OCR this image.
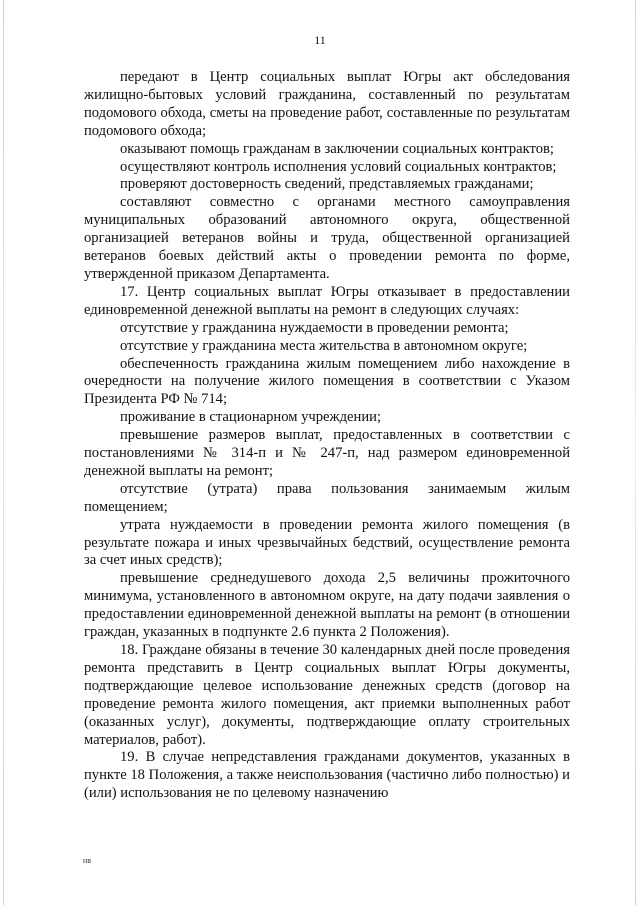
11

передают в Центр социальных выплат Югры акт обследования жилищно-бытовых условий гражданина, составленный по результатам подомового обхода, сметы на проведение работ, составленные по результатам подомового обхода;

оказывают помощь гражданам в заключении социальных контрактов;

осуществляют контроль исполнения условий социальных контрактов;

проверяют достоверность сведений, представляемых гражданами;

составляют совместно с органами местного самоуправления муниципальных образований автономного округа, общественной организацией ветеранов войны и труда, общественной организацией ветеранов боевых действий акты о проведении ремонта по форме, утвержденной приказом Департамента.

17. Центр социальных выплат Югры отказывает в предоставлении единовременной денежной выплаты на ремонт в следующих случаях:

отсутствие у гражданина нуждаемости в проведении ремонта;

отсутствие у гражданина места жительства в автономном округе;

обеспеченность гражданина жилым помещением либо нахождение в очередности на получение жилого помещения в соответствии с Указом Президента РФ № 714;

проживание в стационарном учреждении;

превышение размеров выплат, предоставленных в соответствии с постановлениями № 314-п и № 247-п, над размером единовременной денежной выплаты на ремонт;

отсутствие (утрата) права пользования занимаемым жилым помещением;

утрата нуждаемости в проведении ремонта жилого помещения (в результате пожара и иных чрезвычайных бедствий, осуществление ремонта за счет иных средств);

превышение среднедушевого дохода 2,5 величины прожиточного минимума, установленного в автономном округе, на дату подачи заявления о предоставлении единовременной денежной выплаты на ремонт (в отношении граждан, указанных в подпункте 2.6 пункта 2 Положения).

18. Граждане обязаны в течение 30 календарных дней после проведения ремонта представить в Центр социальных выплат Югры документы, подтверждающие целевое использование денежных средств (договор на проведение ремонта жилого помещения, акт приемки выполненных работ (оказанных услуг), документы, подтверждающие оплату строительных материалов, работ).

19. В случае непредставления гражданами документов, указанных в пункте 18 Положения, а также неиспользования (частично либо полностью) и (или) использования не по целевому назначению

нв
